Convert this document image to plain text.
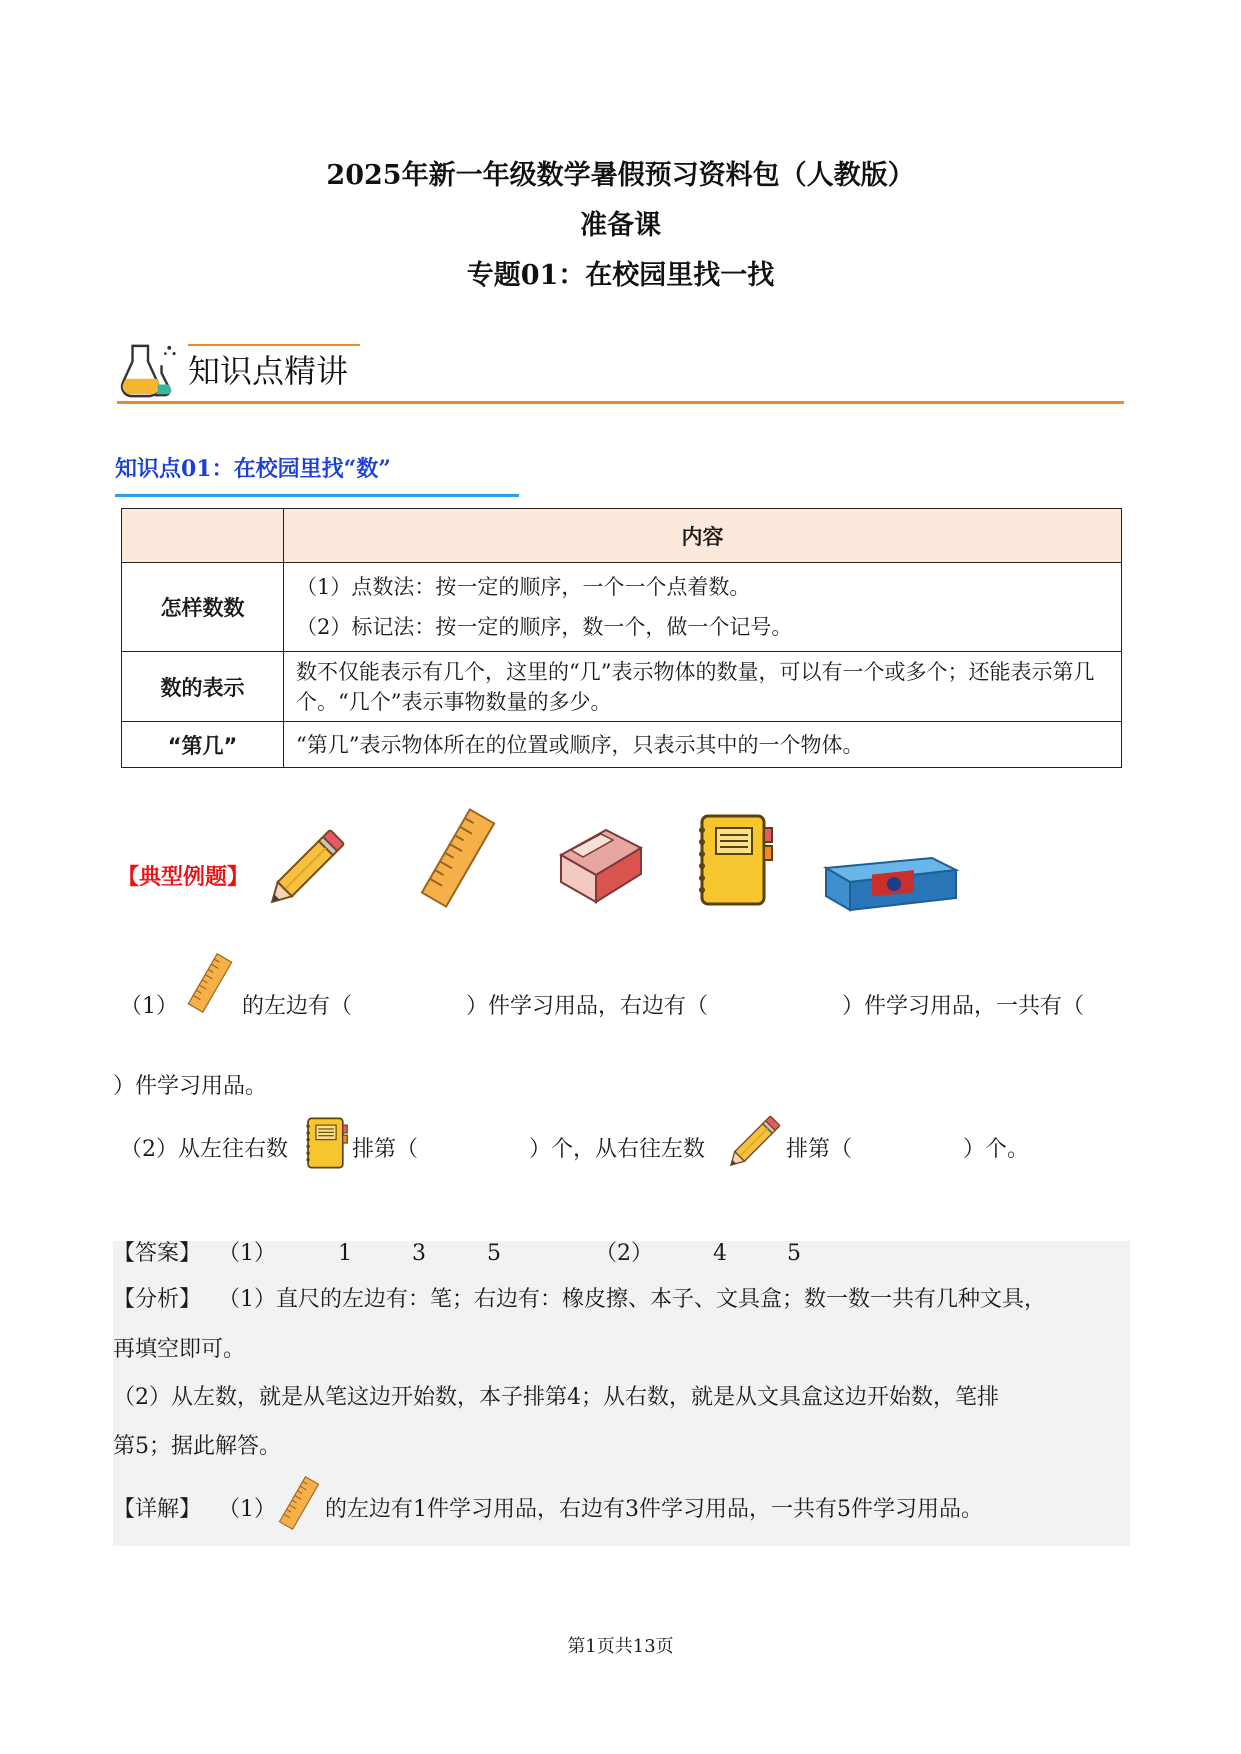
2025年新一年级数学暑假预习资料包（人教版）
准备课
专题01：在校园里找一找
知识点精讲
知识点01：在校园里找“数”
	内容
怎样数数	（1）点数法：按一定的顺序，一个一个点着数。
（2）标记法：按一定的顺序，数一个，做一个记号。

数的表示	数不仅能表示有几个，这里的“几”表示物体的数量，可以有一个或多个；还能表示第几个。“几个”表示事物数量的多少。
“第几”	“第几”表示物体所在的位置或顺序，只表示其中的一个物体。
【典型例题】
（1）	的左边有（	）件学习用品，右边有（	）件学习用品，一共有（
）件学习用品。
（2）从左往右数	排第（	）个，从右往左数	排第（	）个。
【答案】 （1）	1	3	5	（2）	4	5
【分析】 （1）直尺的左边有：笔；右边有：橡皮擦、本子、文具盒；数一数一共有几种文具，
再填空即可。
（2）从左数，就是从笔这边开始数，本子排第4；从右数，就是从文具盒这边开始数，笔排
第5；据此解答。
【详解】 （1） 的左边有1件学习用品，右边有3件学习用品，一共有5件学习用品。
第1页共13页
